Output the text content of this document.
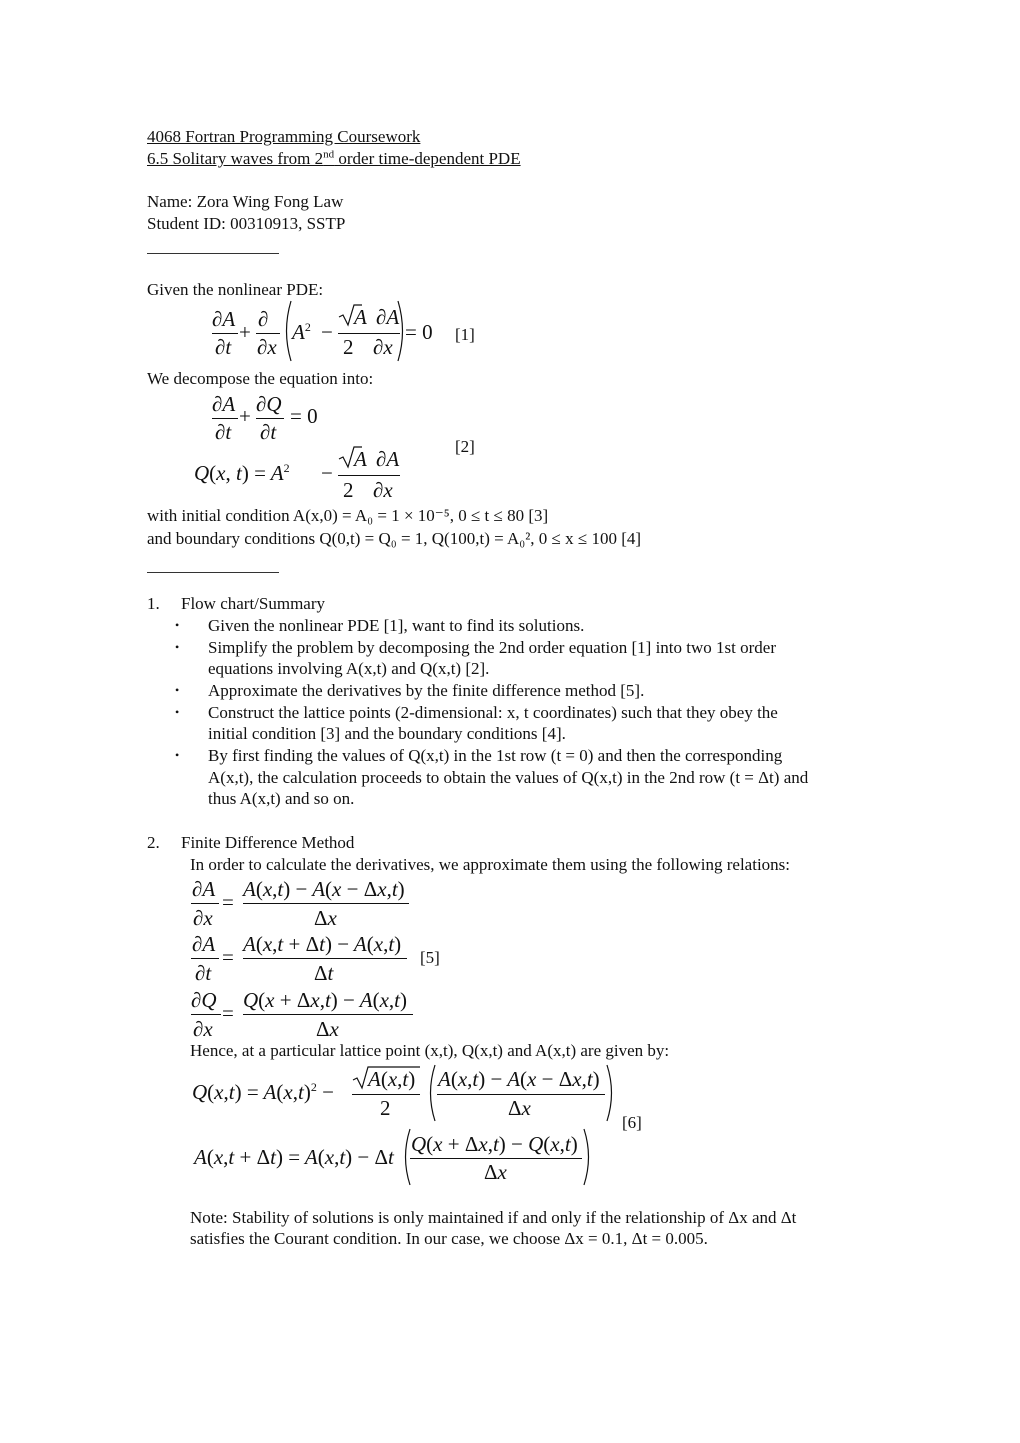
4068 Fortran Programming Coursework
6.5 Solitary waves from 2nd order time-dependent PDE
Name: Zora Wing Fong Law
Student ID: 00310913, SSTP
Given the nonlinear PDE:
∂A
∂t
+
∂
∂x
$A^2$ −
A ∂A
2 ∂x
= 0 [1]
We decompose the equation into:
∂A
∂t
+ ∂Q
∂t
= 0
[2]
Q(x, $t) = A^2$ −
A ∂A
2 ∂x
with initial condition A(x,0) = A₀ = 1 × 10⁻⁵, 0 ≤ t ≤ 80 [3]
and boundary conditions Q(0,t) = Q₀ = 1, Q(100,t) = A₀², 0 ≤ x ≤ 100 [4]
1. Flow chart/Summary
• Given the nonlinear PDE [1], want to find its solutions.
• Simplify the problem by decomposing the 2nd order equation [1] into two 1st order
equations involving A(x,t) and Q(x,t) [2].
• Approximate the derivatives by the finite difference method [5].
• Construct the lattice points (2-dimensional: x, t coordinates) such that they obey the
initial condition [3] and the boundary conditions [4].
• By first finding the values of Q(x,t) in the 1st row (t = 0) and then the corresponding
A(x,t), the calculation proceeds to obtain the values of Q(x,t) in the 2nd row (t = Δt) and
thus A(x,t) and so on.
2. Finite Difference Method
In order to calculate the derivatives, we approximate them using the following relations:
∂A
∂x
=
A(x,t) − A(x − Δx,t)
Δx
∂A
∂t
=
A(x,t + Δt) − A(x,t)
Δt
[5]
∂Q
∂x
=
Q(x + Δx,t) − A(x,t)
Δx
Hence, at a particular lattice point (x,t), Q(x,t) and A(x,t) are given by:
$Q(x,t) = A(x,t)^2$ −
A(x,t)
2
A(x,t) − A(x − Δx,t)
Δx
[6]
A(x,t + Δt) = A(x,t) − Δt
Q(x + Δx,t) − Q(x,t)
Δx
Note: Stability of solutions is only maintained if and only if the relationship of Δx and Δt
satisfies the Courant condition. In our case, we choose Δx = 0.1, Δt = 0.005.
